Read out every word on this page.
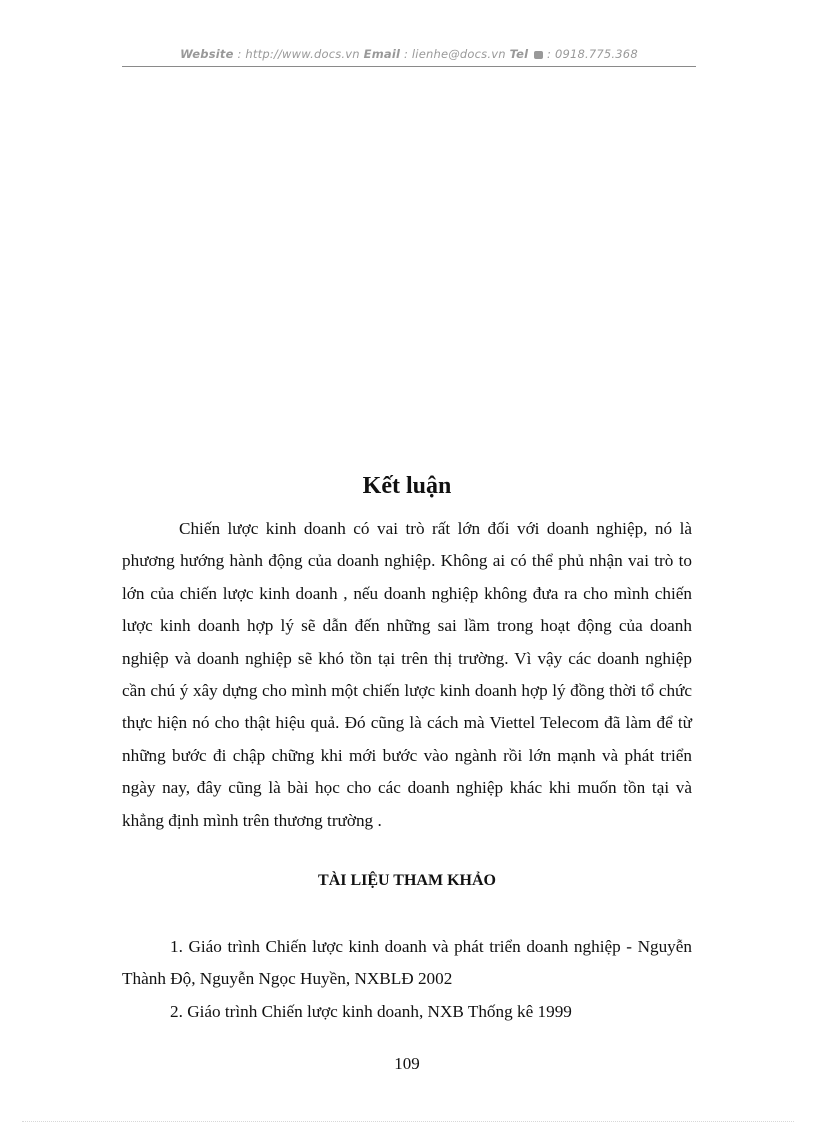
Website : http://www.docs.vn Email : lienhe@docs.vn Tel  : 0918.775.368
Kết luận

Chiến lược kinh doanh có vai trò rất lớn đối với doanh nghiệp, nó là phương hướng hành động của doanh nghiệp. Không ai có thể phủ nhận vai trò to lớn của chiến lược kinh doanh , nếu doanh nghiệp không đưa ra cho mình chiến lược kinh doanh hợp lý sẽ dẫn đến những sai lầm trong hoạt động của doanh nghiệp và doanh nghiệp sẽ khó tồn tại trên thị trường. Vì vậy các doanh nghiệp cần chú ý xây dựng cho mình một chiến lược kinh doanh hợp lý đồng thời tổ chức thực hiện nó cho thật hiệu quả. Đó cũng là cách mà Viettel Telecom đã làm để từ những bước đi chập chững khi mới bước vào ngành rồi lớn mạnh và phát triển ngày nay, đây cũng là bài học cho các doanh nghiệp khác khi muốn tồn tại và khẳng định mình trên thương trường .

TÀI LIỆU THAM KHẢO
1. Giáo trình Chiến lược kinh doanh và phát triển doanh nghiệp - Nguyễn Thành Độ, Nguyễn Ngọc Huyền, NXBLĐ 2002
2. Giáo trình Chiến lược kinh doanh, NXB Thống kê 1999
109
